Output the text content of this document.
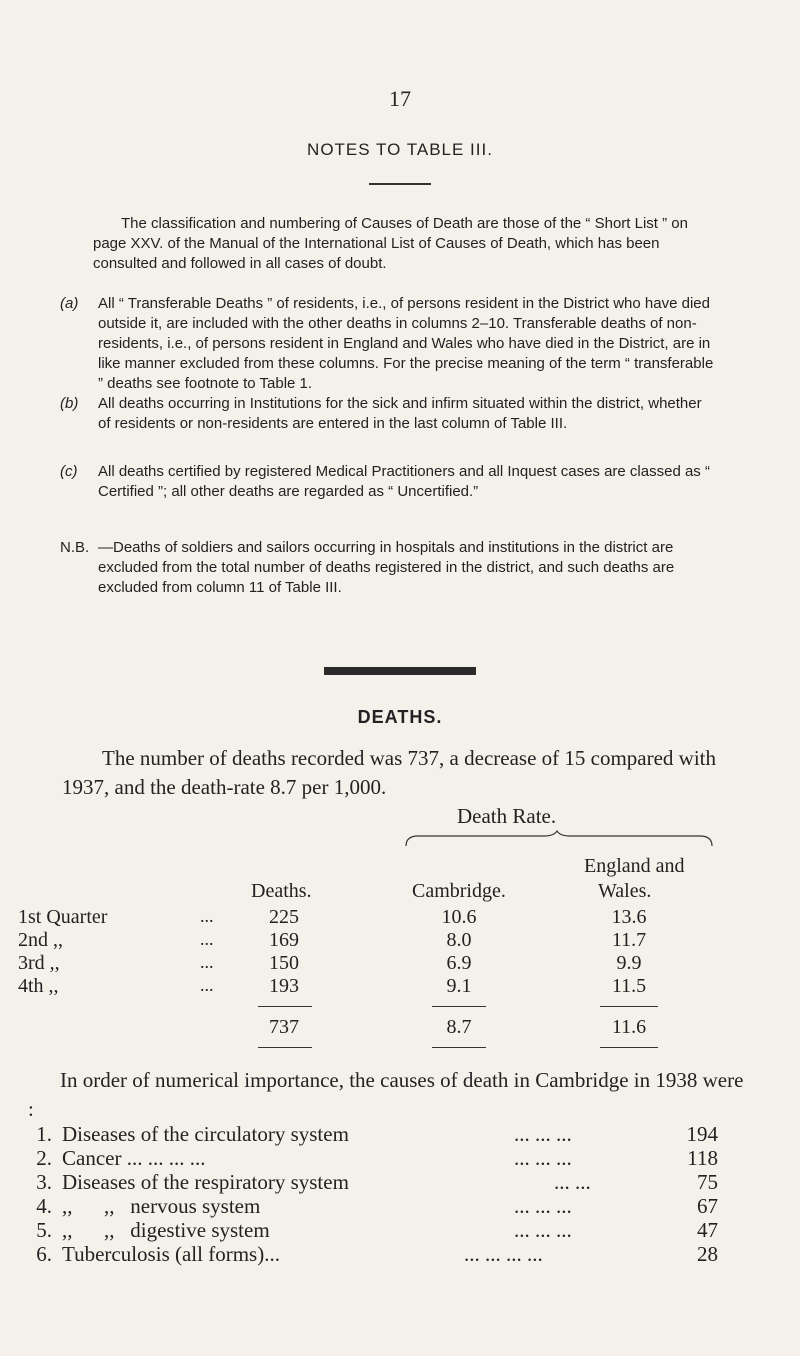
17
NOTES TO TABLE III.
The classification and numbering of Causes of Death are those of the “ Short List ” on page XXV. of the Manual of the International List of Causes of Death, which has been consulted and followed in all cases of doubt.
(a) All “ Transferable Deaths ” of residents, i.e., of persons resident in the District who have died outside it, are included with the other deaths in columns 2–10. Transferable deaths of non-residents, i.e., of persons resident in England and Wales who have died in the District, are in like manner excluded from these columns. For the precise meaning of the term “ transferable ” deaths see footnote to Table 1.
(b) All deaths occurring in Institutions for the sick and infirm situated within the district, whether of residents or non-residents are entered in the last column of Table III.
(c) All deaths certified by registered Medical Practitioners and all Inquest cases are classed as “ Certified ”; all other deaths are regarded as “ Uncertified.”
N.B. —Deaths of soldiers and sailors occurring in hospitals and institutions in the district are excluded from the total number of deaths registered in the district, and such deaths are excluded from column 11 of Table III.
DEATHS.
The number of deaths recorded was 737, a decrease of 15 compared with 1937, and the death-rate 8.7 per 1,000.
Death Rate.
England and
Deaths.	Cambridge.	Wales.
1st Quarter	...	225	10.6	13.6
2nd ,,	...	169	8.0	11.7
3rd ,,	...	150	6.9	9.9
4th ,,	...	193	9.1	11.5
737	8.7	11.6
In order of numerical importance, the causes of death in Cambridge in 1938 were :
1. Diseases of the circulatory system	... ... ...	194
2. Cancer ... ... ... ...	... ... ...	118
3. Diseases of the respiratory system	... ...	75
4. ,,      ,,   nervous system	... ... ...	67
5. ,,      ,,   digestive system	... ... ...	47
6. Tuberculosis (all forms)...	... ... ... ...	28
